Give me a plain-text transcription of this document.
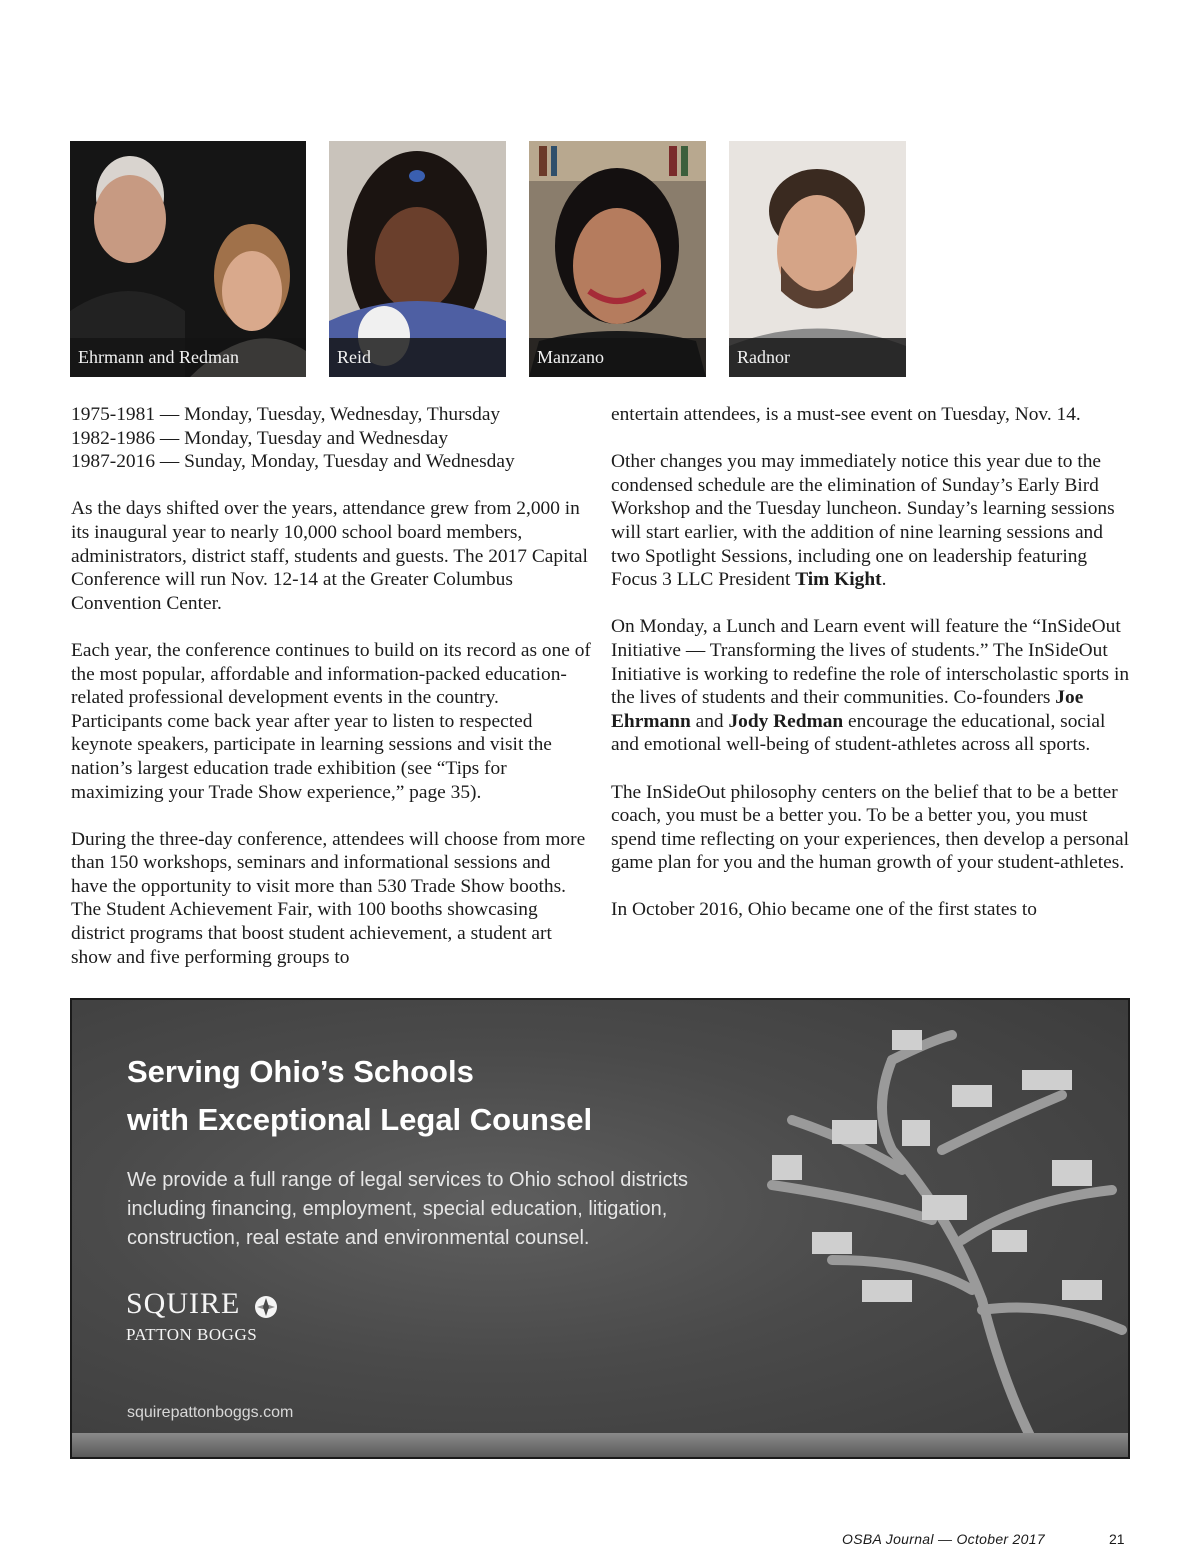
Ehrmann and Redman	Reid	Manzano	Radnor

1975-1981 — Monday, Tuesday, Wednesday, Thursday
1982-1986 — Monday, Tuesday and Wednesday
1987-2016 — Sunday, Monday, Tuesday and Wednesday

As the days shifted over the years, attendance grew from 2,000 in its inaugural year to nearly 10,000 school board members, administrators, district staff, students and guests. The 2017 Capital Conference will run Nov. 12-14 at the Greater Columbus Convention Center.

Each year, the conference continues to build on its record as one of the most popular, affordable and information-packed education-related professional development events in the country. Participants come back year after year to listen to respected keynote speakers, participate in learning sessions and visit the nation’s largest education trade exhibition (see “Tips for maximizing your Trade Show experience,” page 35).

During the three-day conference, attendees will choose from more than 150 workshops, seminars and informational sessions and have the opportunity to visit more than 530 Trade Show booths. The Student Achievement Fair, with 100 booths showcasing district programs that boost student achievement, a student art show and five performing groups to

entertain attendees, is a must-see event on Tuesday, Nov. 14.

Other changes you may immediately notice this year due to the condensed schedule are the elimination of Sunday’s Early Bird Workshop and the Tuesday luncheon. Sunday’s learning sessions will start earlier, with the addition of nine learning sessions and two Spotlight Sessions, including one on leadership featuring Focus 3 LLC President Tim Kight.

On Monday, a Lunch and Learn event will feature the “InSideOut Initiative — Transforming the lives of students.” The InSideOut Initiative is working to redefine the role of interscholastic sports in the lives of students and their communities. Co-founders Joe Ehrmann and Jody Redman encourage the educational, social and emotional well-being of student-athletes across all sports.

The InSideOut philosophy centers on the belief that to be a better coach, you must be a better you. To be a better you, you must spend time reflecting on your experiences, then develop a personal game plan for you and the human growth of your student-athletes.

In October 2016, Ohio became one of the first states to

Serving Ohio’s Schools
with Exceptional Legal Counsel
We provide a full range of legal services to Ohio school districts including financing, employment, special education, litigation, construction, real estate and environmental counsel.
SQUIRE
PATTON BOGGS
squirepattonboggs.com
OSBA Journal — October 2017	21
